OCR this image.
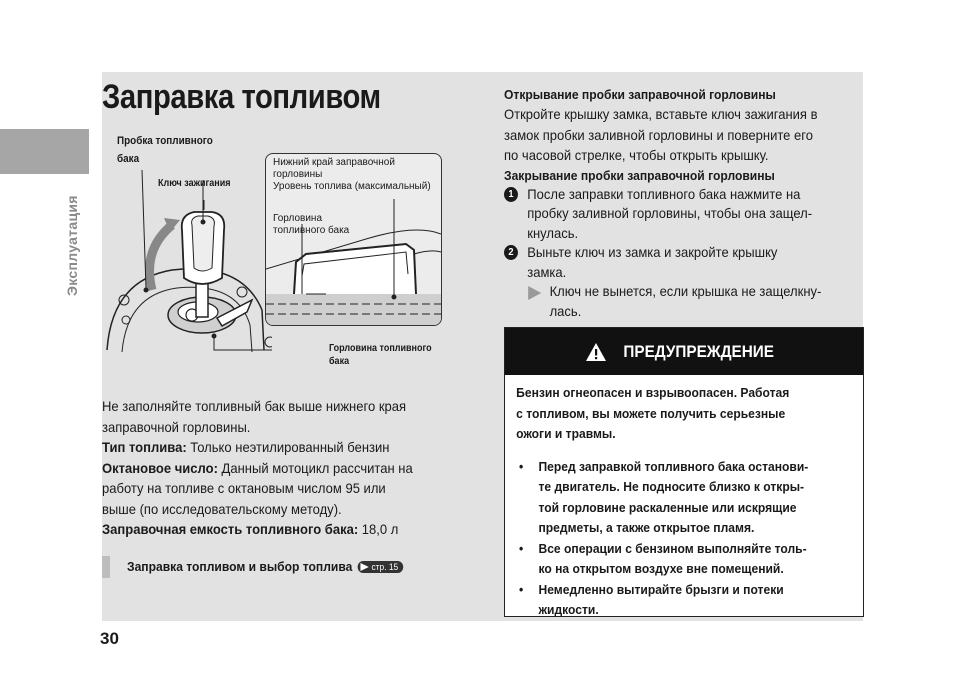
Эксплуатация
Заправка топливом
Пробка топливного
бака
Ключ зажигания
Нижний край заправочной
горловины
Уровень топлива (максимальный)
Горловина
топливного бака
Горловина топливного
бака
Не заполняйте топливный бак выше нижнего края
заправочной горловины.
Тип топлива: Только неэтилированный бензин
Октановое число: Данный мотоцикл рассчитан на
работу на топливе с октановым числом 95 или
выше (по исследовательскому методу).
Заправочная емкость топливного бака: 18,0 л
Заправка топливом и выбор топлива стр. 15
30
Открывание пробки заправочной горловины
Откройте крышку замка, вставьте ключ зажигания в
замок пробки заливной горловины и поверните его
по часовой стрелке, чтобы открыть крышку.
Закрывание пробки заправочной горловины
1 После заправки топливного бака нажмите на
пробку заливной горловины, чтобы она защел-
кнулась.
2 Выньте ключ из замка и закройте крышку
замка.
Ключ не вынется, если крышка не защелкну-
лась.
ПРЕДУПРЕЖДЕНИЕ
Бензин огнеопасен и взрывоопасен. Работая
с топливом, вы можете получить серьезные
ожоги и травмы.
• Перед заправкой топливного бака останови-
те двигатель. Не подносите близко к откры-
той горловине раскаленные или искрящие
предметы, а также открытое пламя.
• Все операции с бензином выполняйте толь-
ко на открытом воздухе вне помещений.
• Немедленно вытирайте брызги и потеки
жидкости.
